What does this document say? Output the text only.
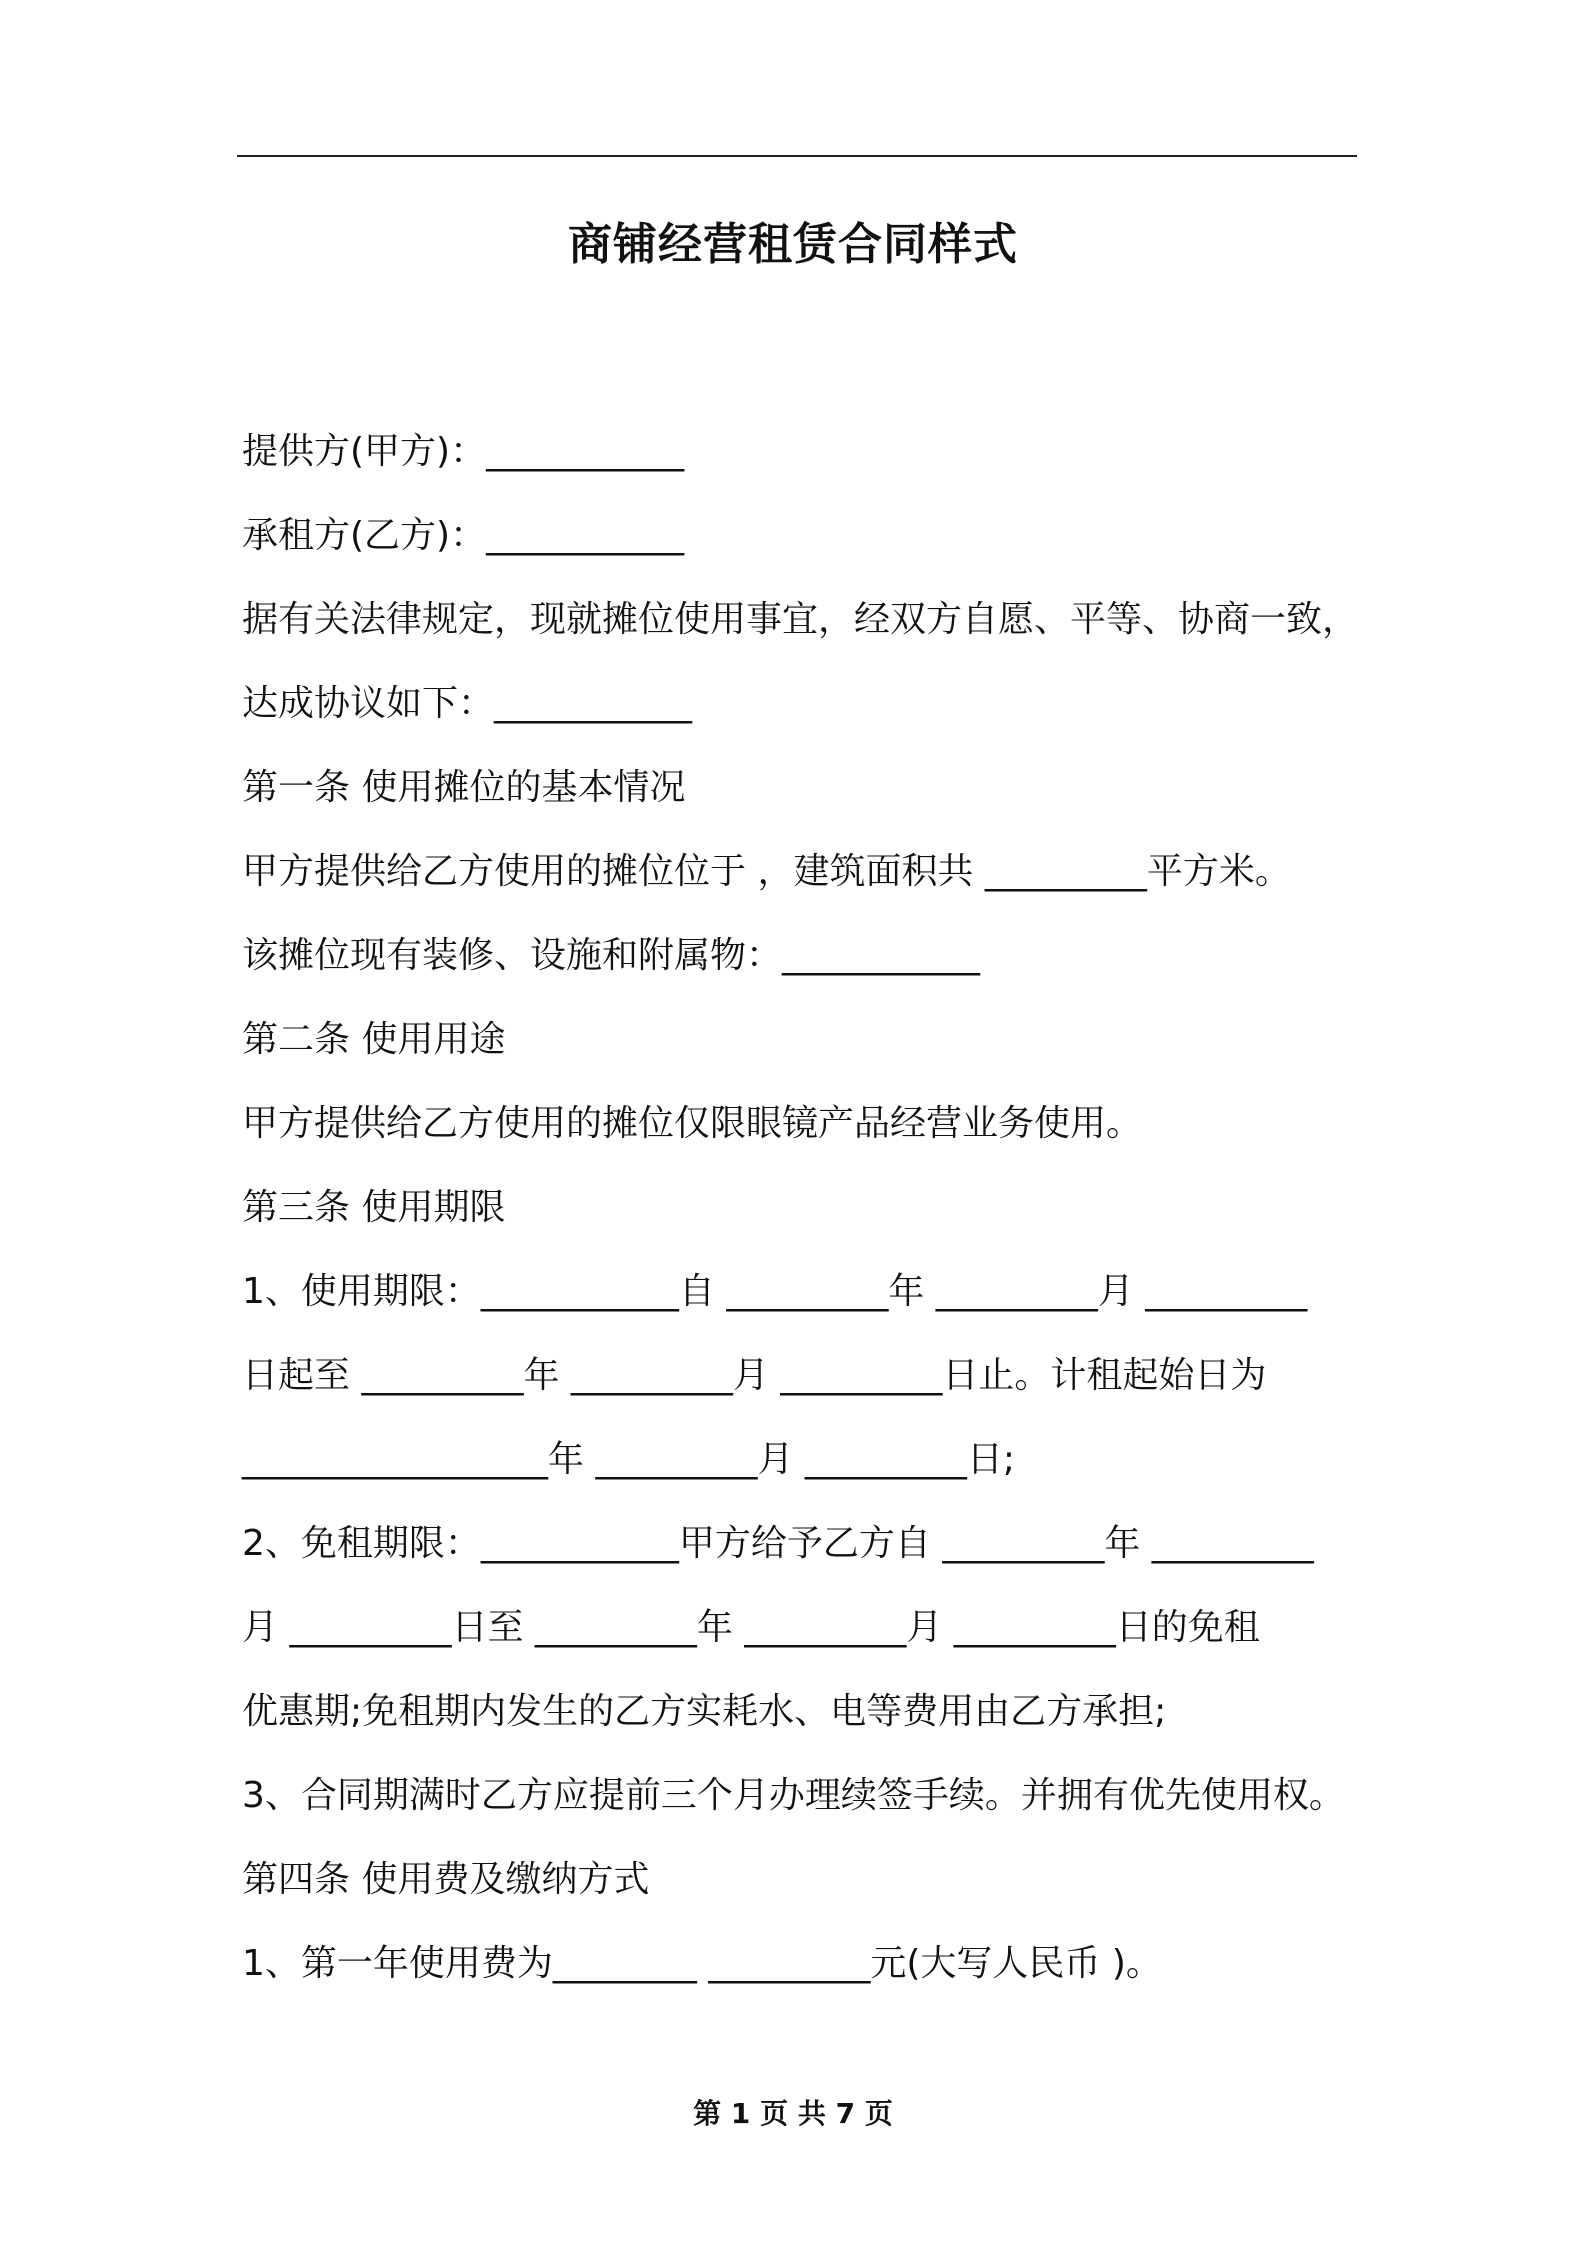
商铺经营租赁合同样式
提供方(甲方)：___________
承租方(乙方)：___________
据有关法律规定，现就摊位使用事宜，经双方自愿、平等、协商一致，
达成协议如下：___________
第一条 使用摊位的基本情况
甲方提供给乙方使用的摊位位于 ，建筑面积共 _________平方米。
该摊位现有装修、设施和附属物：___________
第二条 使用用途
甲方提供给乙方使用的摊位仅限眼镜产品经营业务使用。
第三条 使用期限
1、使用期限：___________自 _________年 _________月 _________
日起至 _________年 _________月 _________日止。计租起始日为
_________________年 _________月 _________日;
2、免租期限：___________甲方给予乙方自 _________年 _________
月 _________日至 _________年 _________月 _________日的免租
优惠期;免租期内发生的乙方实耗水、电等费用由乙方承担;
3、合同期满时乙方应提前三个月办理续签手续。并拥有优先使用权。
第四条 使用费及缴纳方式
1、第一年使用费为________ _________元(大写人民币 )。
第 1 页 共 7 页
